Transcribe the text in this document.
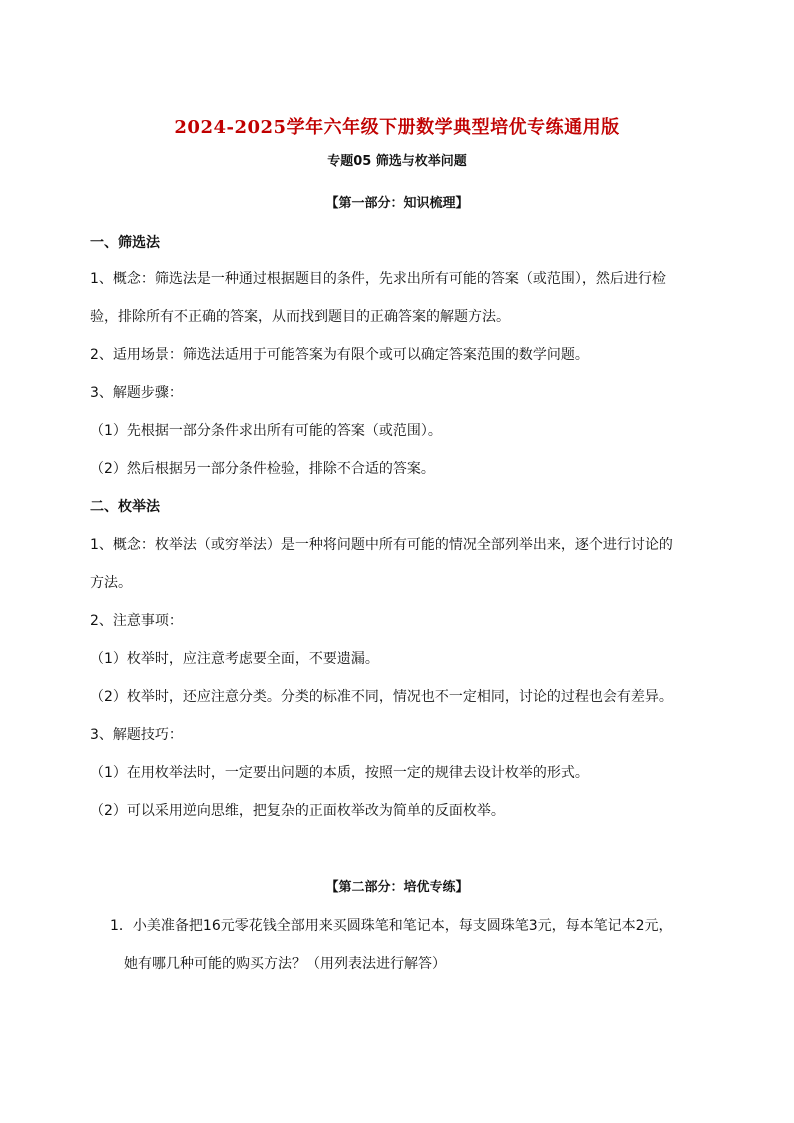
2024-2025学年六年级下册数学典型培优专练通用版
专题05 筛选与枚举问题
【第一部分：知识梳理】
一、筛选法
1、概念：筛选法是一种通过根据题目的条件，先求出所有可能的答案（或范围），然后进行检
验，排除所有不正确的答案，从而找到题目的正确答案的解题方法。
2、适用场景：筛选法适用于可能答案为有限个或可以确定答案范围的数学问题。
3、解题步骤：
（1）先根据一部分条件求出所有可能的答案（或范围）。
（2）然后根据另一部分条件检验，排除不合适的答案。
二、枚举法
1、概念：枚举法（或穷举法）是一种将问题中所有可能的情况全部列举出来，逐个进行讨论的
方法。
2、注意事项：
（1）枚举时，应注意考虑要全面，不要遗漏。
（2）枚举时，还应注意分类。分类的标准不同，情况也不一定相同，讨论的过程也会有差异。
3、解题技巧：
（1）在用枚举法时，一定要出问题的本质，按照一定的规律去设计枚举的形式。
（2）可以采用逆向思维，把复杂的正面枚举改为简单的反面枚举。
【第二部分：培优专练】
1．小美准备把16元零花钱全部用来买圆珠笔和笔记本，每支圆珠笔3元，每本笔记本2元，
她有哪几种可能的购买方法？（用列表法进行解答）
